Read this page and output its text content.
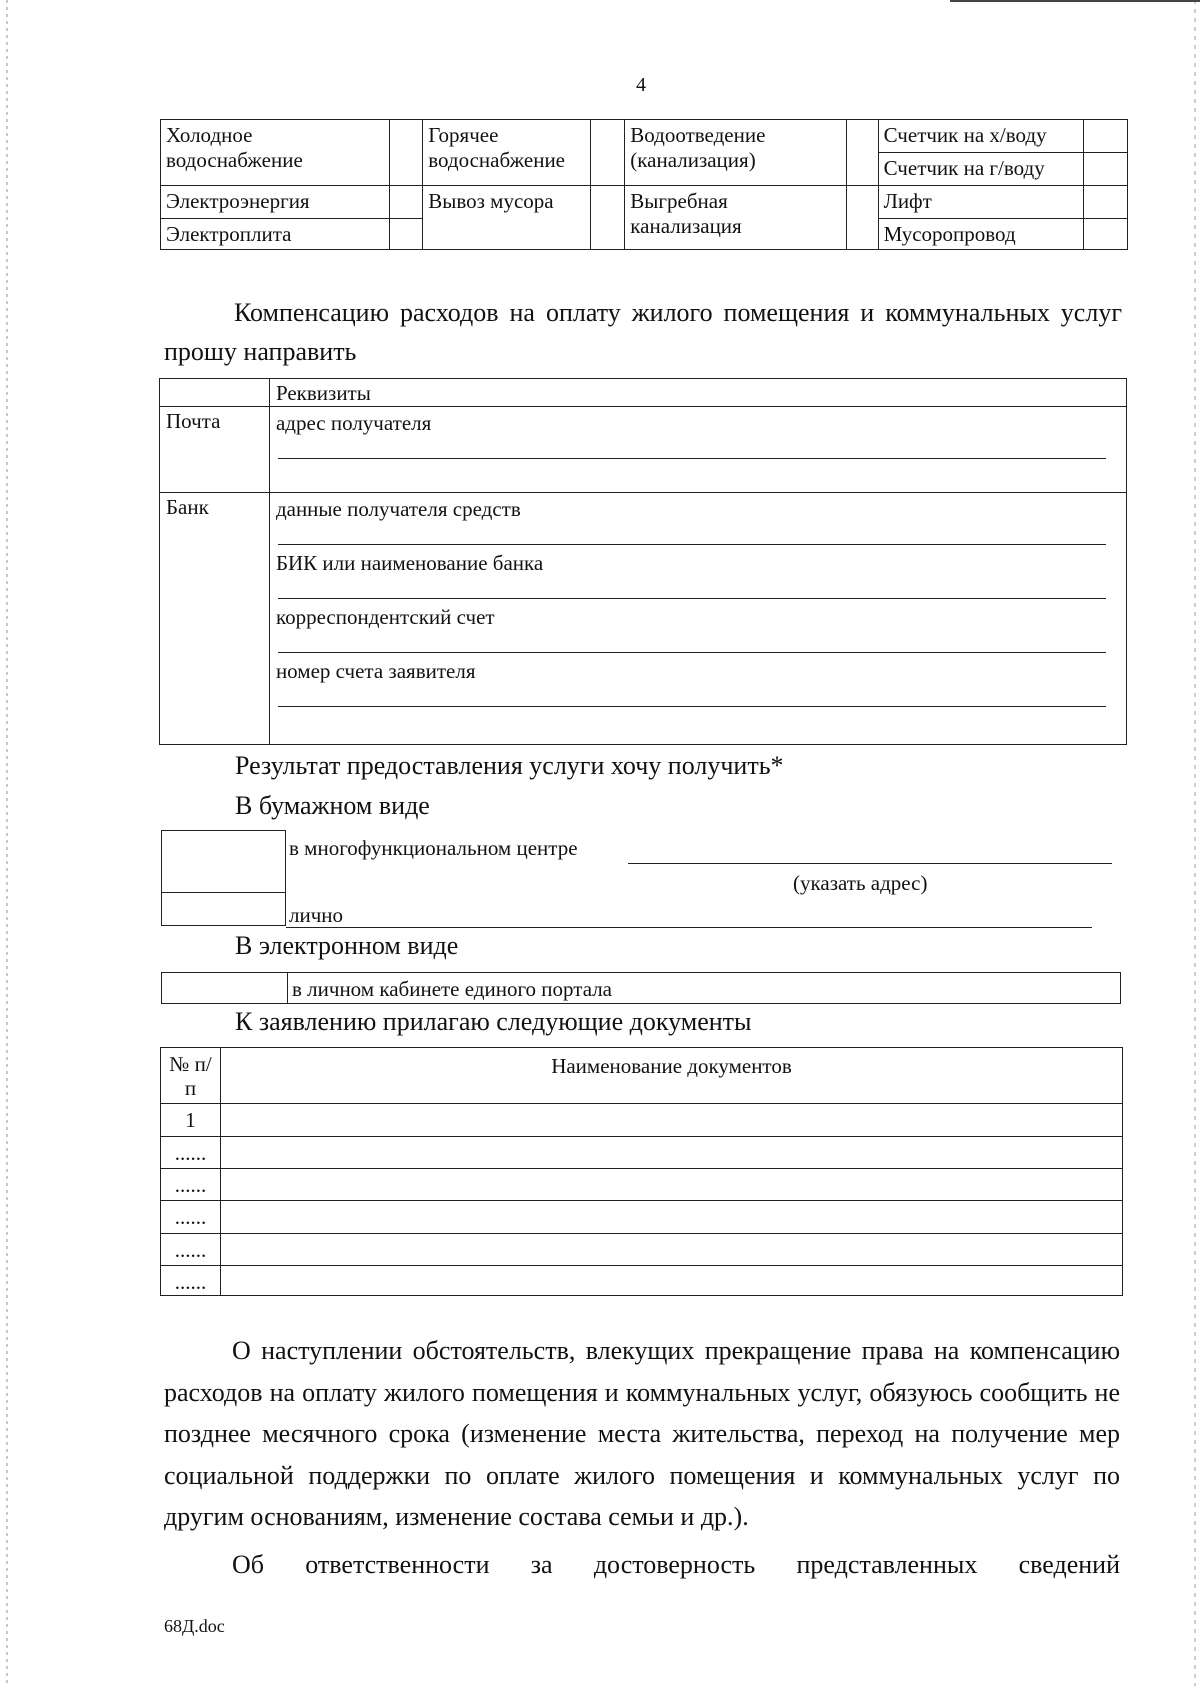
4
Холодное водоснабжение		Горячее водоснабжение		Водоотведение (канализация)		Счетчик на х/воду	
						Счетчик на г/воду	
Электроэнергия		Вывоз мусора		Выгребная канализация		Лифт	
Электроплита						Мусоропровод	
Компенсацию расходов на оплату жилого помещения и коммунальных услуг прошу направить
	Реквизиты
Почта	адрес получателя

Банк	данные получателя средств
БИК или наименование банка
корреспондентский счет
номер счета заявителя
Результат предоставления услуги хочу получить*
В бумажном виде
в многофункциональном центре
(указать адрес)
лично
В электронном виде
в личном кабинете единого портала
К заявлению прилагаю следующие документы
№ п/п	Наименование документов
1	
......	
......	
......	
......	
......	
О наступлении обстоятельств, влекущих прекращение права на компенсацию расходов на оплату жилого помещения и коммунальных услуг, обязуюсь сообщить не позднее месячного срока (изменение места жительства, переход на получение мер социальной поддержки по оплате жилого помещения и коммунальных услуг по другим основаниям, изменение состава семьи и др.).
Об ответственности за достоверность представленных сведений
68Д.doc
